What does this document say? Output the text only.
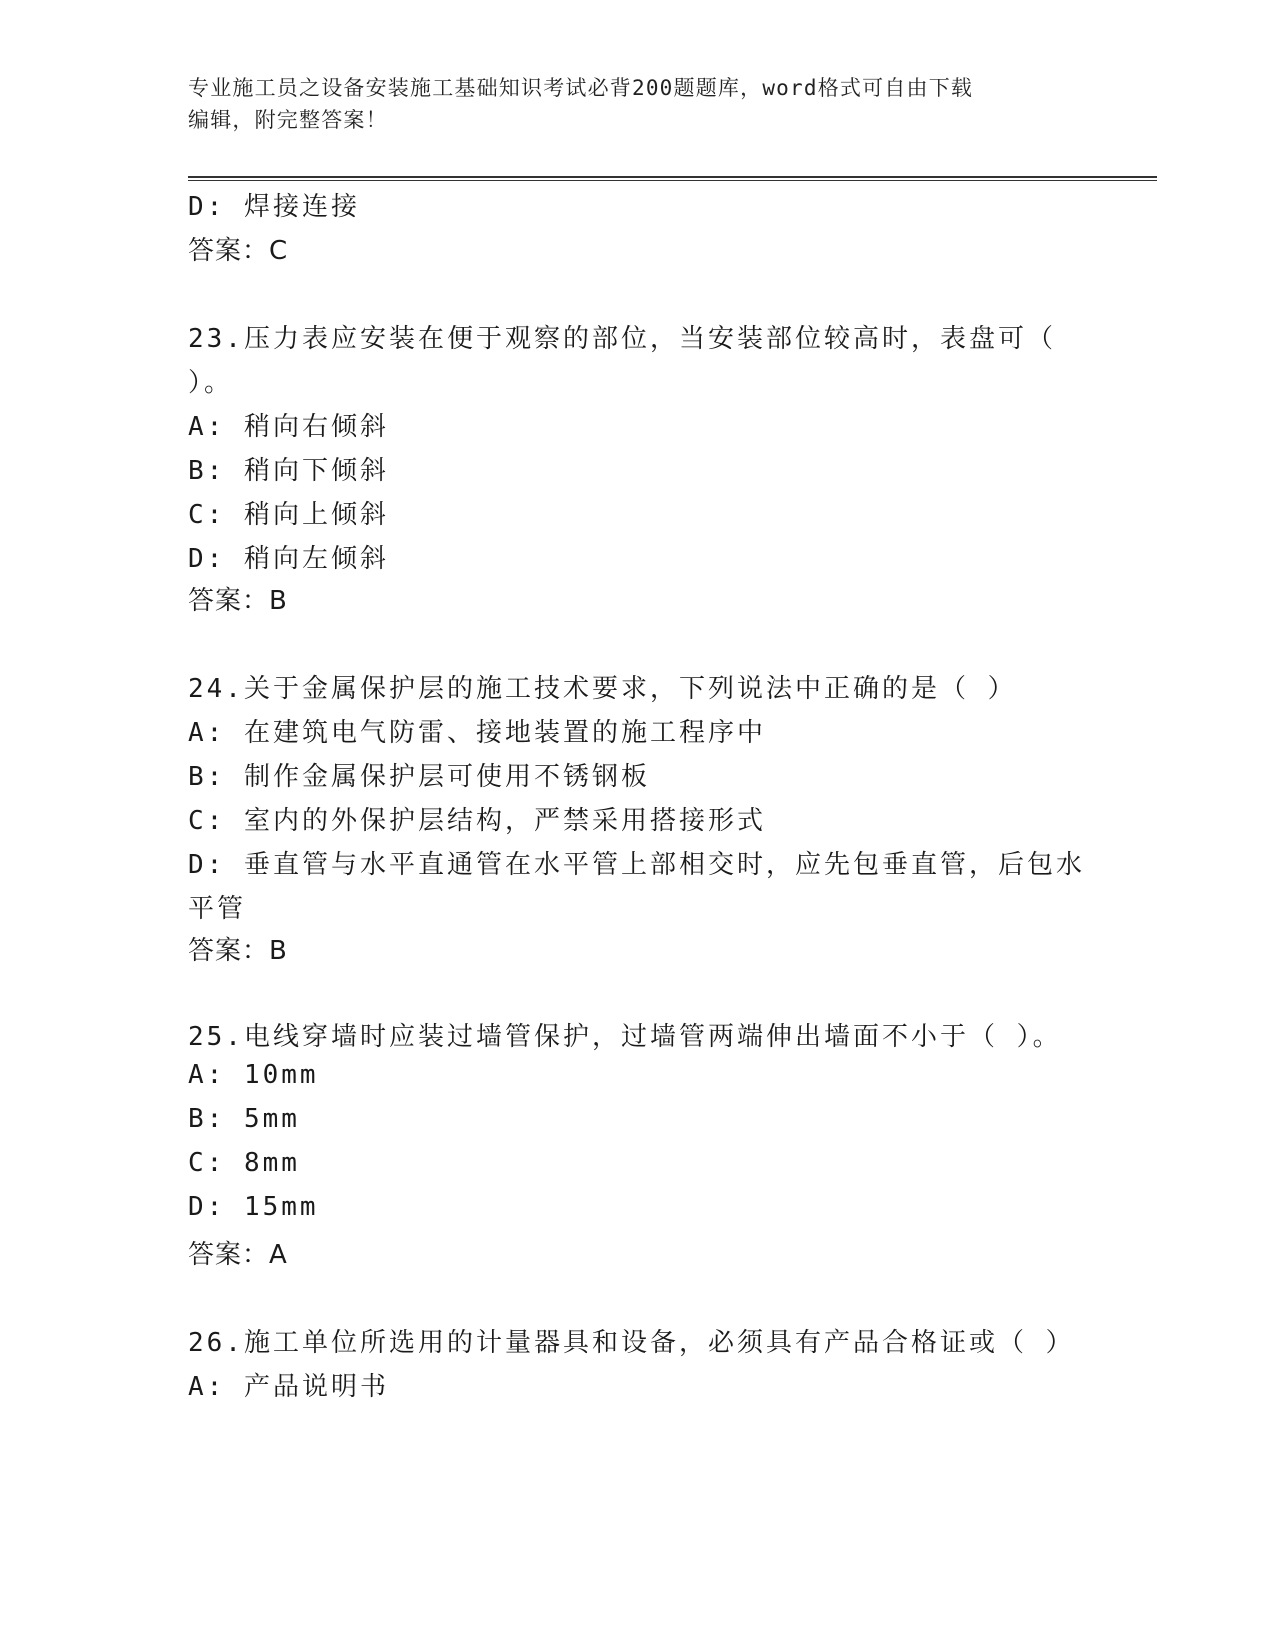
专业施工员之设备安装施工基础知识考试必背200题题库，word格式可自由下载
编辑，附完整答案！
D: 焊接连接
答案：C
23.压力表应安装在便于观察的部位，当安装部位较高时，表盘可（
）。
A: 稍向右倾斜
B: 稍向下倾斜
C: 稍向上倾斜
D: 稍向左倾斜
答案：B
24.关于金属保护层的施工技术要求，下列说法中正确的是（ ）
A: 在建筑电气防雷、接地装置的施工程序中
B: 制作金属保护层可使用不锈钢板
C: 室内的外保护层结构，严禁采用搭接形式
D: 垂直管与水平直通管在水平管上部相交时，应先包垂直管，后包水
平管
答案：B
25.电线穿墙时应装过墙管保护，过墙管两端伸出墙面不小于（ ）。
A: 10mm
B: 5mm
C: 8mm
D: 15mm
答案：A
26.施工单位所选用的计量器具和设备，必须具有产品合格证或（ ）
A: 产品说明书
